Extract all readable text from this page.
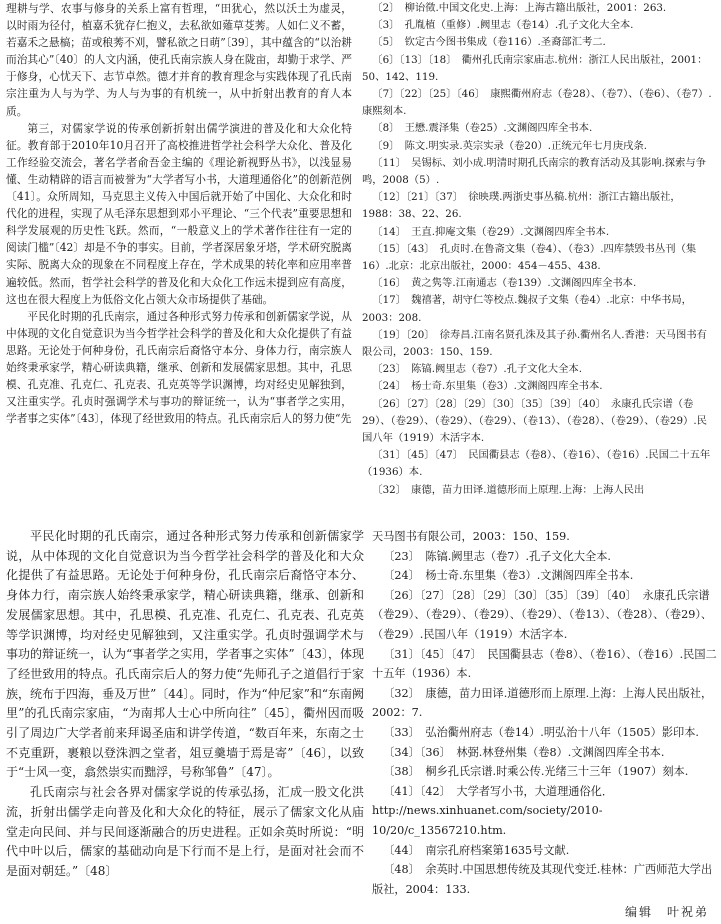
理耕与学、农事与修身的关系上富有哲理，“田犹心，然以沃土为虚灵，以时雨为径付，植嘉禾犹存仁抱义，去私欲如薙草芟莠。人如仁义不蓄，若嘉禾之悬槁；苗或稂莠不刈，譬私欲之日萌”〔39〕，其中蕴含的“以治耕而治其心”〔40〕的人文内涵，使孔氏南宗族人身在陇亩，却勤于求学、严于修身，心忧天下、志节卓然。德才并育的教育理念与实践体现了孔氏南宗注重为人与为学、为人与为事的有机统一，从中折射出教育的育人本质。

第三，对儒家学说的传承创新折射出儒学演进的普及化和大众化特征。教育部于2010年10月召开了高校推进哲学社会科学大众化、普及化工作经验交流会，著名学者俞吾金主编的《理论新视野丛书》，以浅显易懂、生动精辟的语言而被誉为“大学者写小书，大道理通俗化”的创新范例〔41〕。众所周知，马克思主义传入中国后就开始了中国化、大众化和时代化的进程，实现了从毛泽东思想到邓小平理论、“三个代表”重要思想和科学发展观的历史性飞跃。然而，“一般意义上的学术著作往往有一定的阅读门槛”〔42〕却是不争的事实。目前，学者深居象牙塔，学术研究脱离实际、脱离大众的现象在不同程度上存在，学术成果的转化率和应用率普遍较低。然而，哲学社会科学的普及化和大众化工作远未提到应有高度，这也在很大程度上为低俗文化占领大众市场提供了基础。

平民化时期的孔氏南宗，通过各种形式努力传承和创新儒家学说，从中体现的文化自觉意识为当今哲学社会科学的普及化和大众化提供了有益思路。无论处于何种身份，孔氏南宗后裔恪守本分、身体力行，南宗族人始终秉承家学，精心研读典籍，继承、创新和发展儒家思想。其中，孔思模、孔克准、孔克仁、孔克表、孔克英等学识渊博，均对经史见解独到，又注重实学。孔贞时强调学术与事功的辩证统一，认为“事者学之实用，学者事之实体”〔43〕，体现了经世致用的特点。孔氏南宗后人的努力使“先

〔2〕　柳诒徵.中国文化史.上海：上海古籍出版社，2001：263.

〔3〕　孔胤植（重修）.阙里志（卷14）.孔子文化大全本.

〔5〕　钦定古今图书集成（卷116）.圣裔部汇考二.

〔6〕〔13〕〔18〕　衢州孔氏南宗家庙志.杭州：浙江人民出版社，2001：50、142、119.

〔7〕〔22〕〔25〕〔46〕　康熙衢州府志（卷28）、（卷7）、（卷6）、（卷7）.康熙刻本.

〔8〕　王懋.震泽集（卷25）.文渊阁四库全书本.

〔9〕　陈文.明实录.英宗实录（卷20）.正统元年七月庚戌条.

〔11〕　吴锡标、刘小成.明清时期孔氏南宗的教育活动及其影响.探索与争鸣，2008（5）.

〔12〕〔21〕〔37〕　徐映璞.两浙史事丛稿.杭州：浙江古籍出版社，1988：38、22、26.

〔14〕　王直.抑庵文集（卷29）.文渊阁四库全书本.

〔15〕〔43〕　孔贞时.在鲁斋文集（卷4）、（卷3）.四库禁毁书丛刊（集16）.北京：北京出版社，2000：454－455、438.

〔16〕　黄之隽等.江南通志（卷139）.文渊阁四库全书本.

〔17〕　魏禧著，胡守仁等校点.魏叔子文集（卷4）.北京：中华书局，2003：208.

〔19〕〔20〕　徐寿昌.江南名贤孔洙及其子孙.衢州名人.香港：天马图书有限公司，2003：150、159.

〔23〕　陈镐.阙里志（卷7）.孔子文化大全本.

〔24〕　杨士奇.东里集（卷3）.文渊阁四库全书本.

〔26〕〔27〕〔28〕〔29〕〔30〕〔35〕〔39〕〔40〕　永康孔氏宗谱（卷29）、（卷29）、（卷29）、（卷29）、（卷13）、（卷28）、（卷29）、（卷29）.民国八年（1919）木活字本.

〔31〕〔45〕〔47〕　民国衢县志（卷8）、（卷16）、（卷16）.民国二十五年（1936）本.

〔32〕　康德，苗力田译.道德形而上原理.上海：上海人民出

平民化时期的孔氏南宗，通过各种形式努力传承和创新儒家学说，从中体现的文化自觉意识为当今哲学社会科学的普及化和大众化提供了有益思路。无论处于何种身份，孔氏南宗后裔恪守本分、身体力行，南宗族人始终秉承家学，精心研读典籍，继承、创新和发展儒家思想。其中，孔思模、孔克准、孔克仁、孔克表、孔克英等学识渊博，均对经史见解独到，又注重实学。孔贞时强调学术与事功的辩证统一，认为“事者学之实用，学者事之实体”〔43〕，体现了经世致用的特点。孔氏南宗后人的努力使“先师孔子之道倡行于家族，统布于四海，垂及万世”〔44〕。同时，作为“仲尼家”和“东南阙里”的孔氏南宗家庙，“为南邦人士心中所向往”〔45〕，衢州因而吸引了周边广大学者前来拜谒圣庙和讲学传道，“数百年来，东南之士不克重趼，裹粮以登洙泗之堂者，俎豆羹墙于焉是寄”〔46〕，以致于“士风一变，翕然崇实而黜浮，号称邹鲁”〔47〕。

孔氏南宗与社会各界对儒家学说的传承弘扬，汇成一股文化洪流，折射出儒学走向普及化和大众化的特征，展示了儒家文化从庙堂走向民间、并与民间逐渐融合的历史进程。正如余英时所说：“明代中叶以后，儒家的基础动向是下行而不是上行，是面对社会而不是面对朝廷。”〔48〕

天马图书有限公司，2003：150、159.

〔23〕　陈镐.阙里志（卷7）.孔子文化大全本.

〔24〕　杨士奇.东里集（卷3）.文渊阁四库全书本.

〔26〕〔27〕〔28〕〔29〕〔30〕〔35〕〔39〕〔40〕　永康孔氏宗谱（卷29）、（卷29）、（卷29）、（卷29）、（卷13）、（卷28）、（卷29）、（卷29）.民国八年（1919）木活字本.

〔31〕〔45〕〔47〕　民国衢县志（卷8）、（卷16）、（卷16）.民国二十五年（1936）本.

〔32〕　康德，苗力田译.道德形而上原理.上海：上海人民出版社，2002：7.

〔33〕　弘治衢州府志（卷14）.明弘治十八年（1505）影印本.

〔34〕〔36〕　林弼.林登州集（卷8）.文渊阁四库全书本.

〔38〕　桐乡孔氏宗谱.时乘公传.光绪三十三年（1907）刻本.

〔41〕〔42〕　大学者写小书，大道理通俗化．http://news.xinhuanet.com/society/2010-10/20/c_13567210.htm.

〔44〕　南宗孔府档案第1635号文献.

〔48〕　余英时.中国思想传统及其现代变迁.桂林：广西师范大学出版社，2004：133.

编辑　叶祝弟
